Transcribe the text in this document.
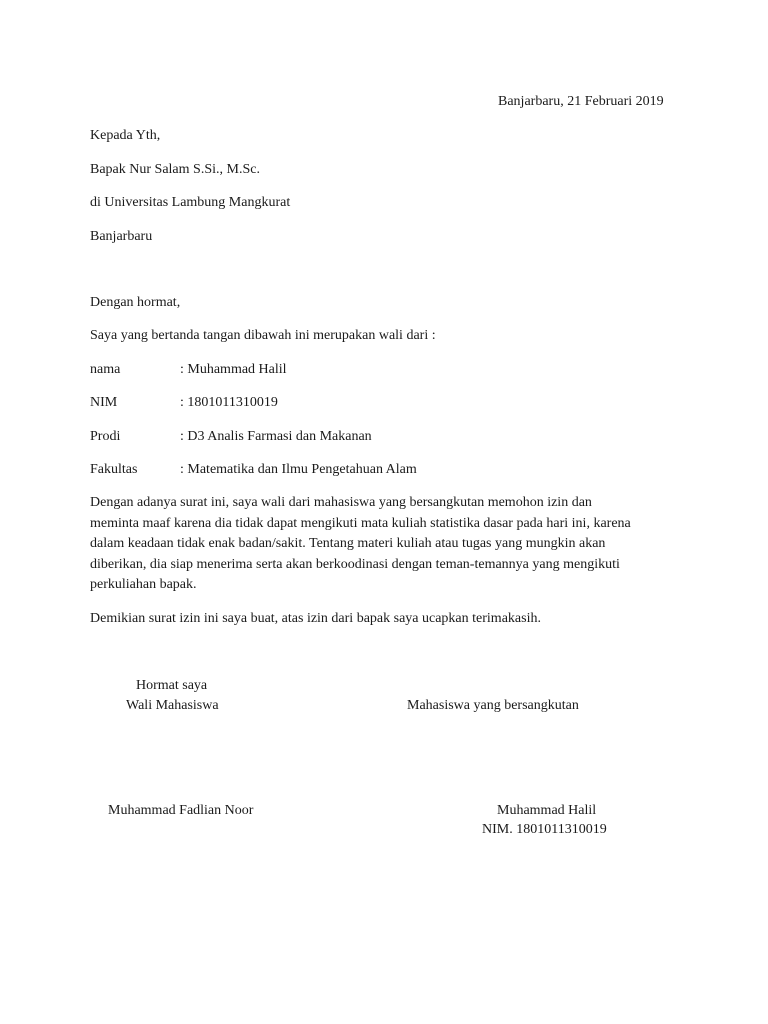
Banjarbaru, 21 Februari 2019
Kepada Yth,
Bapak Nur Salam S.Si., M.Sc.
di Universitas Lambung Mangkurat
Banjarbaru
Dengan hormat,
Saya yang bertanda tangan dibawah ini merupakan wali dari :
nama	: Muhammad Halil
NIM	: 1801011310019
Prodi	: D3 Analis Farmasi dan Makanan
Fakultas	: Matematika dan Ilmu Pengetahuan Alam
Dengan adanya surat ini, saya wali dari mahasiswa yang bersangkutan memohon izin dan
meminta maaf karena dia tidak dapat mengikuti mata kuliah statistika dasar pada hari ini, karena
dalam keadaan tidak enak badan/sakit. Tentang materi kuliah atau tugas yang mungkin akan
diberikan, dia siap menerima serta akan berkoodinasi dengan teman-temannya yang mengikuti
perkuliahan bapak.
Demikian surat izin ini saya buat, atas izin dari bapak saya ucapkan terimakasih.
Hormat saya
Wali Mahasiswa	Mahasiswa yang bersangkutan
Muhammad Fadlian Noor	Muhammad Halil
NIM. 1801011310019
